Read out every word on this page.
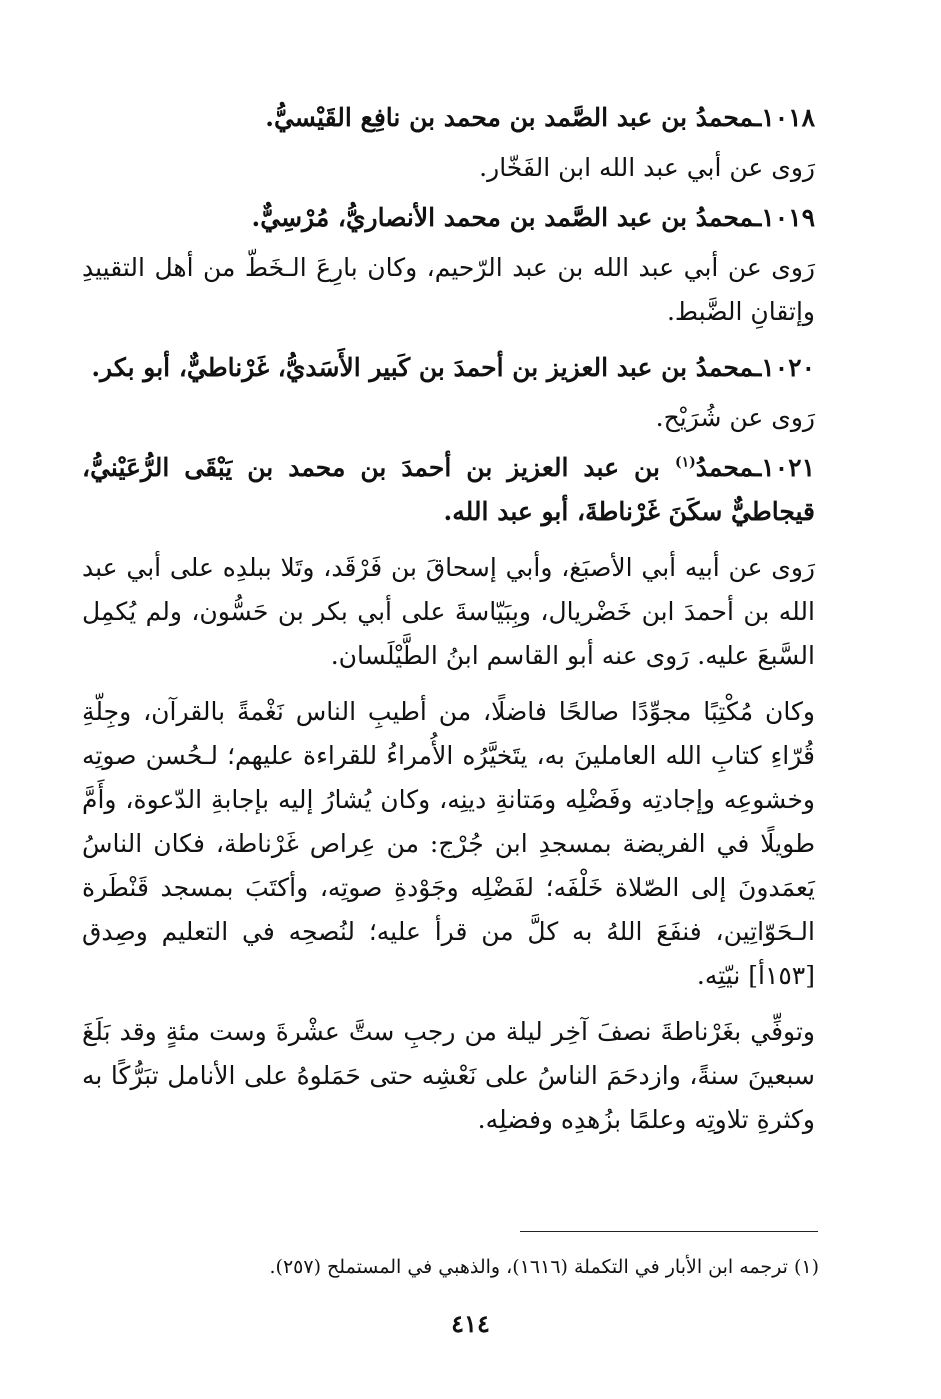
١٠١٨ـمحمدُ بن عبد الصَّمد بن محمد بن نافِع القَيْسيُّ.

رَوى عن أبي عبد الله ابن الفَخّار.

١٠١٩ـمحمدُ بن عبد الصَّمد بن محمد الأنصاريُّ، مُرْسِيٌّ.

رَوى عن أبي عبد الله بن عبد الرّحيم، وكان بارِعَ الـخَطّ من أهل التقييدِ وإتقانِ الضَّبط.

١٠٢٠ـمحمدُ بن عبد العزيز بن أحمدَ بن كَبير الأَسَديُّ، غَرْناطيٌّ، أبو بكر.

رَوى عن شُرَيْح.

١٠٢١ـمحمدُ$^{(١)}$ بن عبد العزيز بن أحمدَ بن محمد بن يَبْقَى الرُّعَيْنيُّ، قيجاطيٌّ سكَنَ غَرْناطةَ، أبو عبد الله.

رَوى عن أبيه أبي الأصبَغ، وأبي إسحاقَ بن فَرْقَد، وتَلا ببلدِه على أبي عبد الله بن أحمدَ ابن خَضْريال، وبِبَيّاسةَ على أبي بكر بن حَسُّون، ولم يُكمِل السَّبعَ عليه. رَوى عنه أبو القاسم ابنُ الطَّيْلَسان.

وكان مُكْتِبًا مجوِّدًا صالحًا فاضلًا، من أطيبِ الناس نَغْمةً بالقرآن، وجِلّةِ قُرّاءِ كتابِ الله العاملينَ به، يتَخيَّرُه الأُمراءُ للقراءة عليهم؛ لـحُسن صوتِه وخشوعِه وإجادتِه وفَضْلِه ومَتانةِ دينِه، وكان يُشارُ إليه بإجابةِ الدّعوة، وأَمَّ طويلًا في الفريضة بمسجدِ ابن جُرْج: من عِراص غَرْناطة، فكان الناسُ يَعمَدونَ إلى الصّلاة خَلْفَه؛ لفَضْلِه وجَوْدةِ صوتِه، وأكتَبَ بمسجد قَنْطَرة الـحَوّاتِين، فنفَعَ اللهُ به كلَّ من قرأ عليه؛ لنُصحِه في التعليم وصِدق [١٥٣أ] نيّتِه.

وتوفِّي بغَرْناطةَ نصفَ آخِر ليلة من رجبِ ستَّ عشْرةَ وست مئةٍ وقد بَلَغَ سبعينَ سنةً، وازدحَمَ الناسُ على نَعْشِه حتى حَمَلوهُ على الأنامل تبَرُّكًا به وكثرةِ تلاوتِه وعلمًا بزُهدِه وفضلِه.

(١) ترجمه ابن الأبار في التكملة (١٦١٦)، والذهبي في المستملح (٢٥٧).
٤١٤
